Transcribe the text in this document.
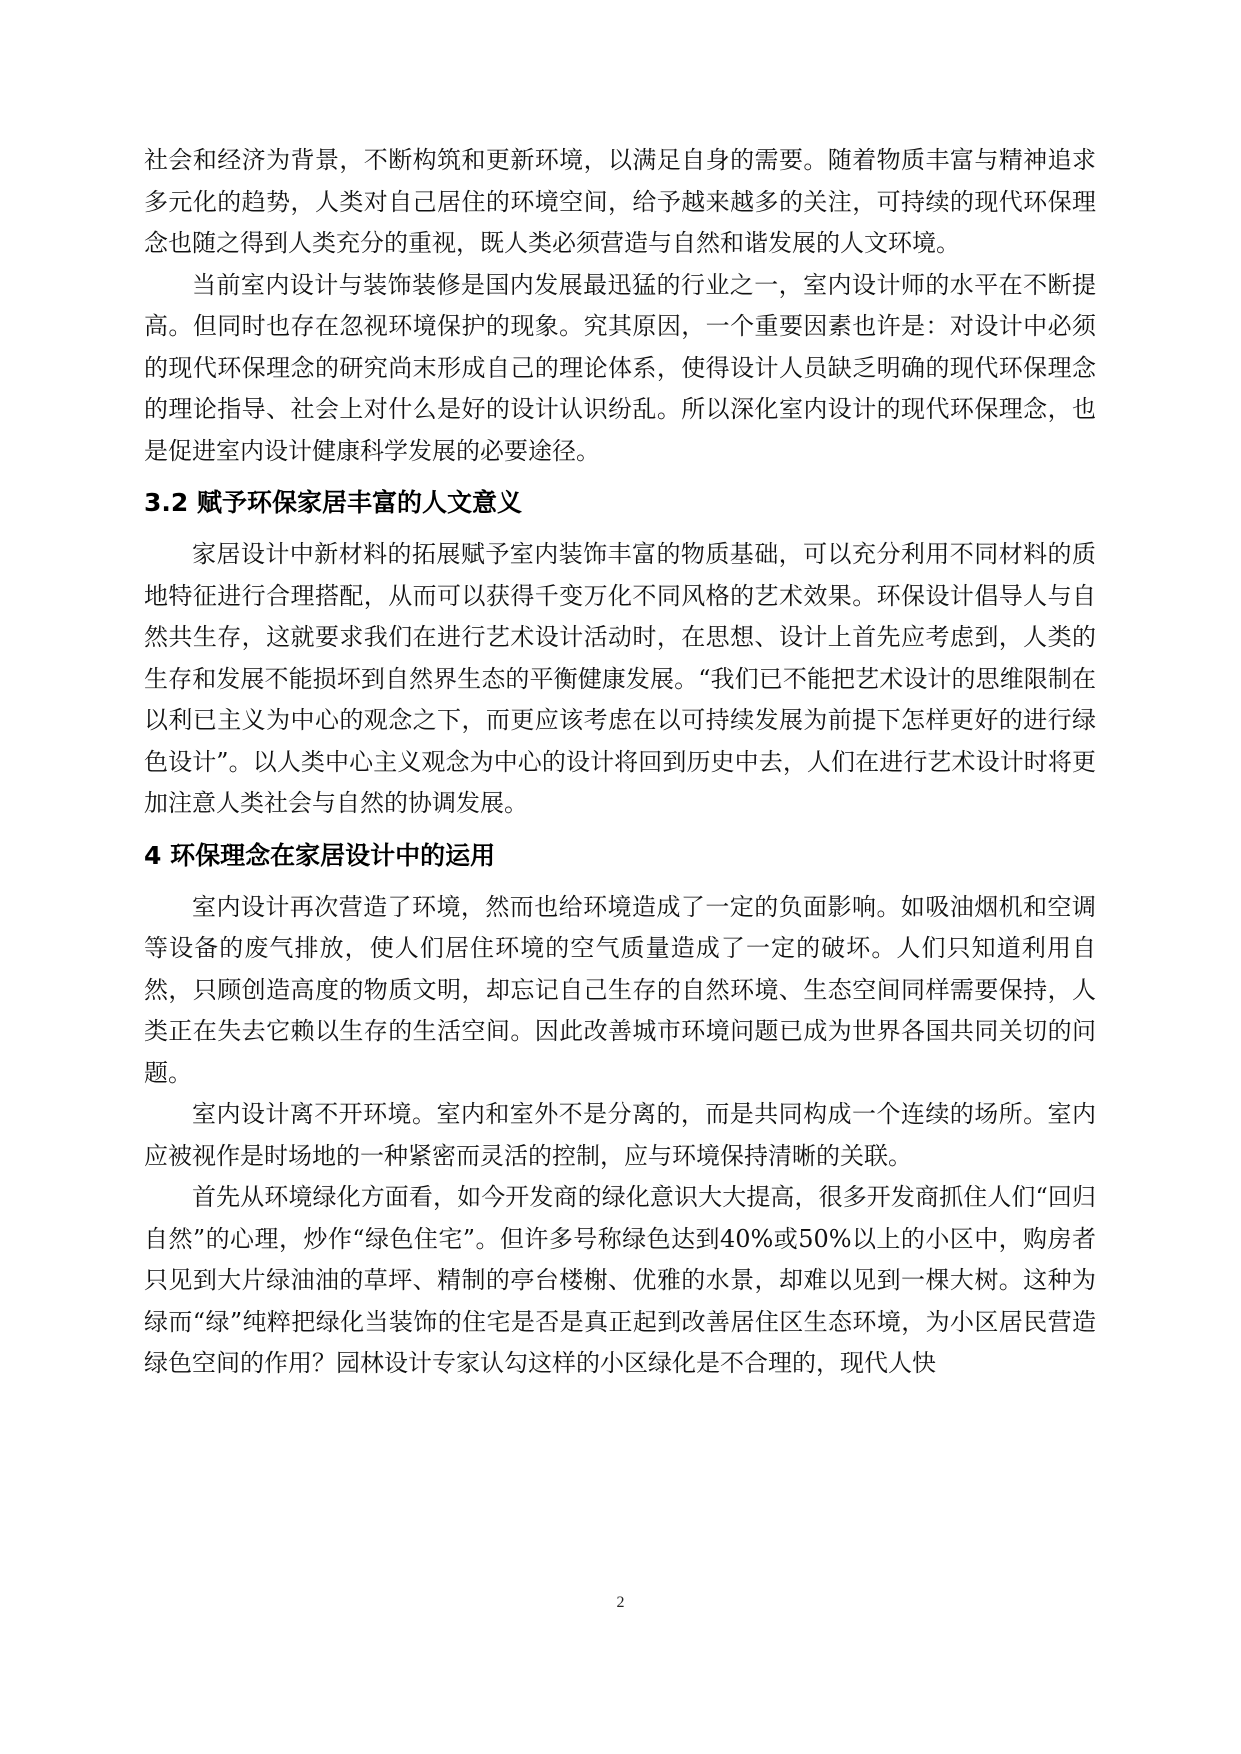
社会和经济为背景，不断构筑和更新环境，以满足自身的需要。随着物质丰富与精神追求多元化的趋势，人类对自己居住的环境空间，给予越来越多的关注，可持续的现代环保理念也随之得到人类充分的重视，既人类必须营造与自然和谐发展的人文环境。

当前室内设计与装饰装修是国内发展最迅猛的行业之一，室内设计师的水平在不断提高。但同时也存在忽视环境保护的现象。究其原因，一个重要因素也许是：对设计中必须的现代环保理念的研究尚末形成自己的理论体系，使得设计人员缺乏明确的现代环保理念的理论指导、社会上对什么是好的设计认识纷乱。所以深化室内设计的现代环保理念，也是促进室内设计健康科学发展的必要途径。

3.2 赋予环保家居丰富的人文意义

家居设计中新材料的拓展赋予室内装饰丰富的物质基础，可以充分利用不同材料的质地特征进行合理搭配，从而可以获得千变万化不同风格的艺术效果。环保设计倡导人与自然共生存，这就要求我们在进行艺术设计活动时，在思想、设计上首先应考虑到，人类的生存和发展不能损坏到自然界生态的平衡健康发展。“我们已不能把艺术设计的思维限制在以利已主义为中心的观念之下，而更应该考虑在以可持续发展为前提下怎样更好的进行绿色设计”。以人类中心主义观念为中心的设计将回到历史中去，人们在进行艺术设计时将更加注意人类社会与自然的协调发展。

4 环保理念在家居设计中的运用

室内设计再次营造了环境，然而也给环境造成了一定的负面影响。如吸油烟机和空调等设备的废气排放，使人们居住环境的空气质量造成了一定的破坏。人们只知道利用自然，只顾创造高度的物质文明，却忘记自己生存的自然环境、生态空间同样需要保持，人类正在失去它赖以生存的生活空间。因此改善城市环境问题已成为世界各国共同关切的问题。

室内设计离不开环境。室内和室外不是分离的，而是共同构成一个连续的场所。室内应被视作是时场地的一种紧密而灵活的控制，应与环境保持清晰的关联。

首先从环境绿化方面看，如今开发商的绿化意识大大提高，很多开发商抓住人们“回归自然”的心理，炒作“绿色住宅”。但许多号称绿色达到40%或50%以上的小区中，购房者只见到大片绿油油的草坪、精制的亭台楼榭、优雅的水景，却难以见到一棵大树。这种为绿而“绿”纯粹把绿化当装饰的住宅是否是真正起到改善居住区生态环境，为小区居民营造绿色空间的作用？园林设计专家认勾这样的小区绿化是不合理的，现代人快

2
